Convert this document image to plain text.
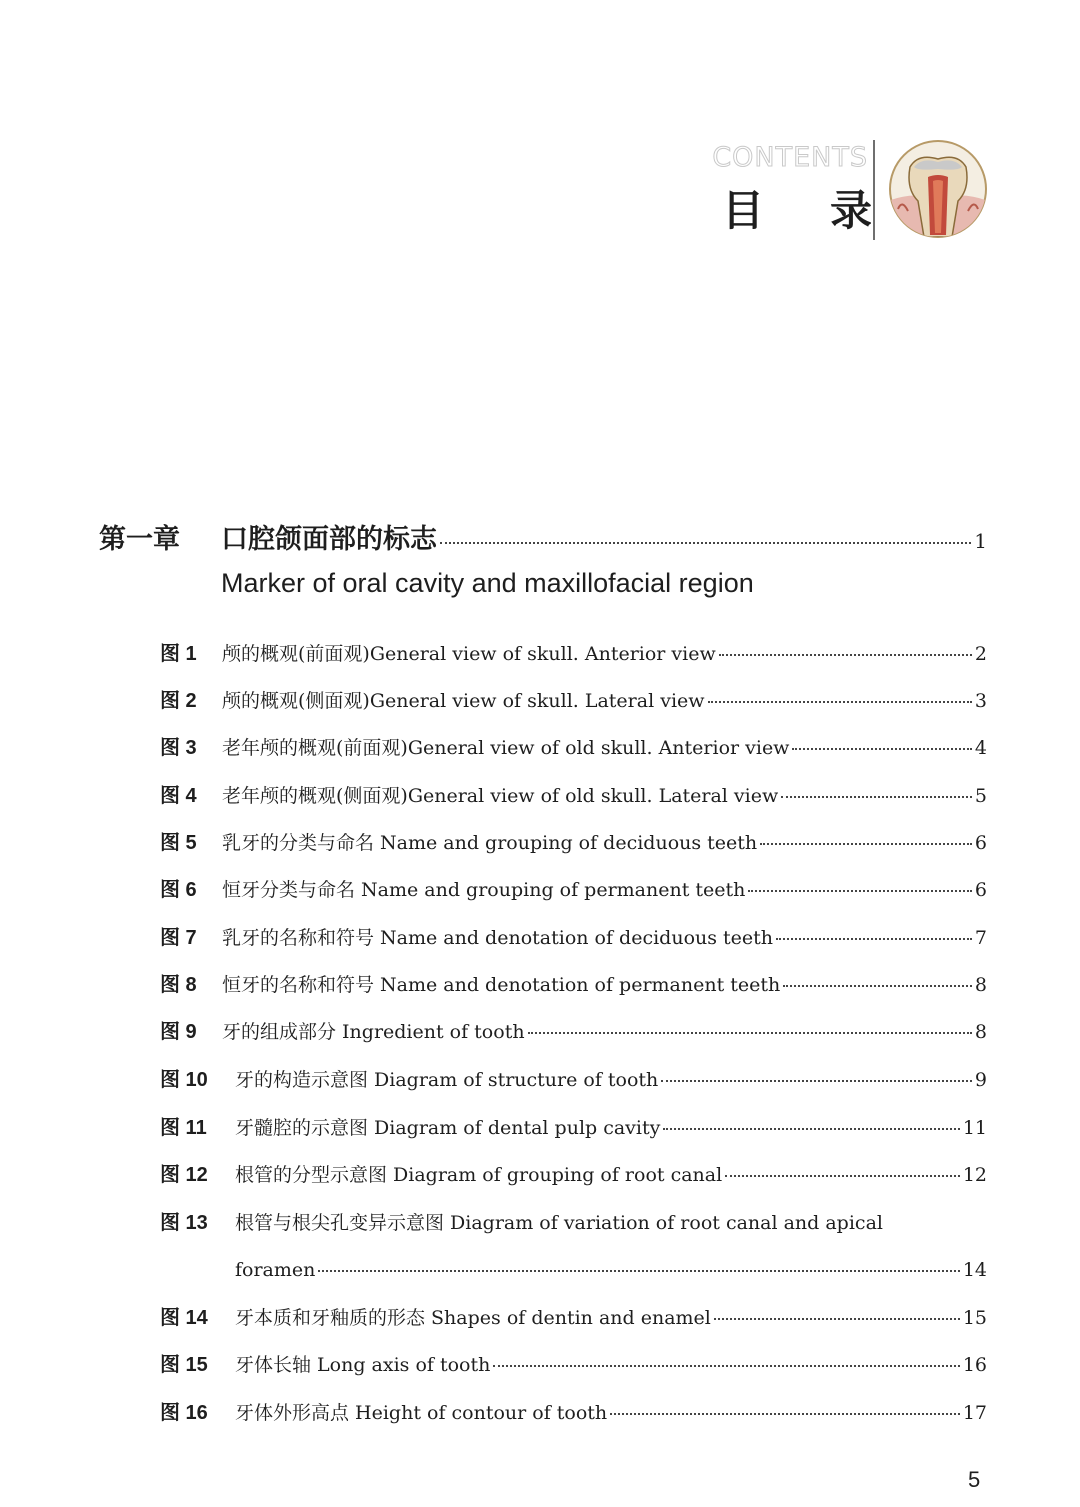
CONTENTS
目 录
第一章 口腔颌面部的标志	1
Marker of oral cavity and maxillofacial region
图 1	颅的概观(前面观)General view of skull. Anterior view	2
图 2	颅的概观(侧面观)General view of skull. Lateral view	3
图 3	老年颅的概观(前面观)General view of old skull. Anterior view	4
图 4	老年颅的概观(侧面观)General view of old skull. Lateral view	5
图 5	乳牙的分类与命名 Name and grouping of deciduous teeth	6
图 6	恒牙分类与命名 Name and grouping of permanent teeth	6
图 7	乳牙的名称和符号 Name and denotation of deciduous teeth	7
图 8	恒牙的名称和符号 Name and denotation of permanent teeth	8
图 9	牙的组成部分 Ingredient of tooth	8
图 10	牙的构造示意图 Diagram of structure of tooth	9
图 11	牙髓腔的示意图 Diagram of dental pulp cavity	11
图 12	根管的分型示意图 Diagram of grouping of root canal	12
图 13	根管与根尖孔变异示意图 Diagram of variation of root canal and apical
foramen	14
图 14	牙本质和牙釉质的形态 Shapes of dentin and enamel	15
图 15	牙体长轴 Long axis of tooth	16
图 16	牙体外形高点 Height of contour of tooth	17
5
